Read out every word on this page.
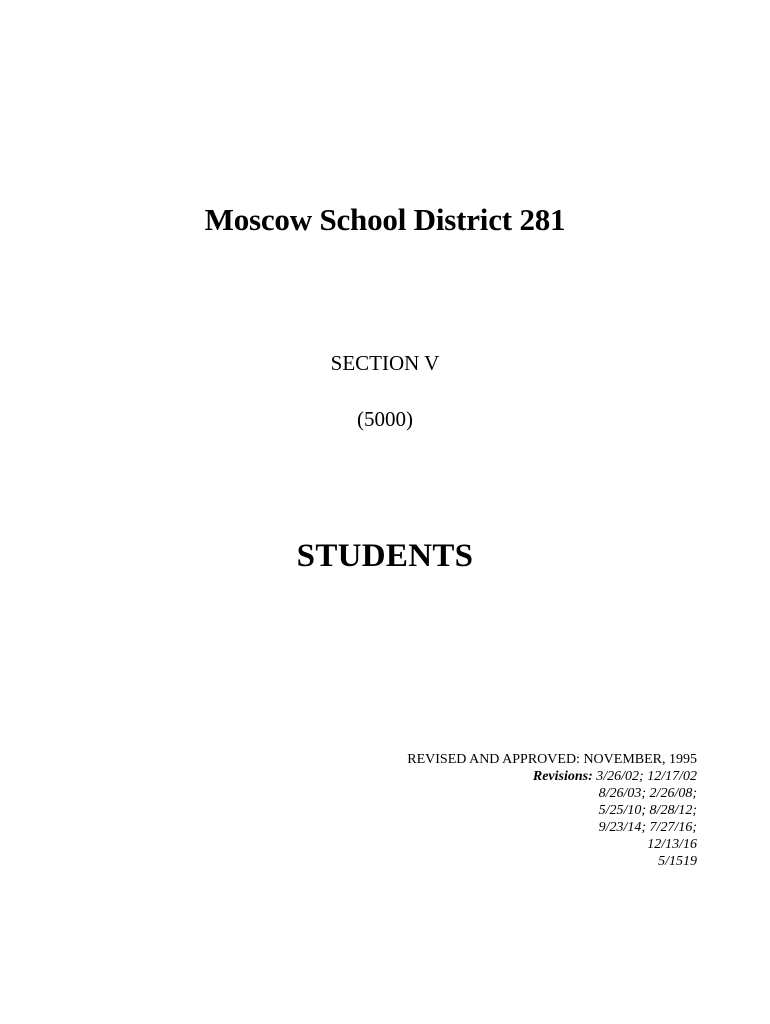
Moscow School District 281
SECTION V
(5000)
STUDENTS
REVISED AND APPROVED: NOVEMBER, 1995
Revisions: 3/26/02; 12/17/02
8/26/03; 2/26/08;
5/25/10; 8/28/12;
9/23/14; 7/27/16;
12/13/16
5/1519
